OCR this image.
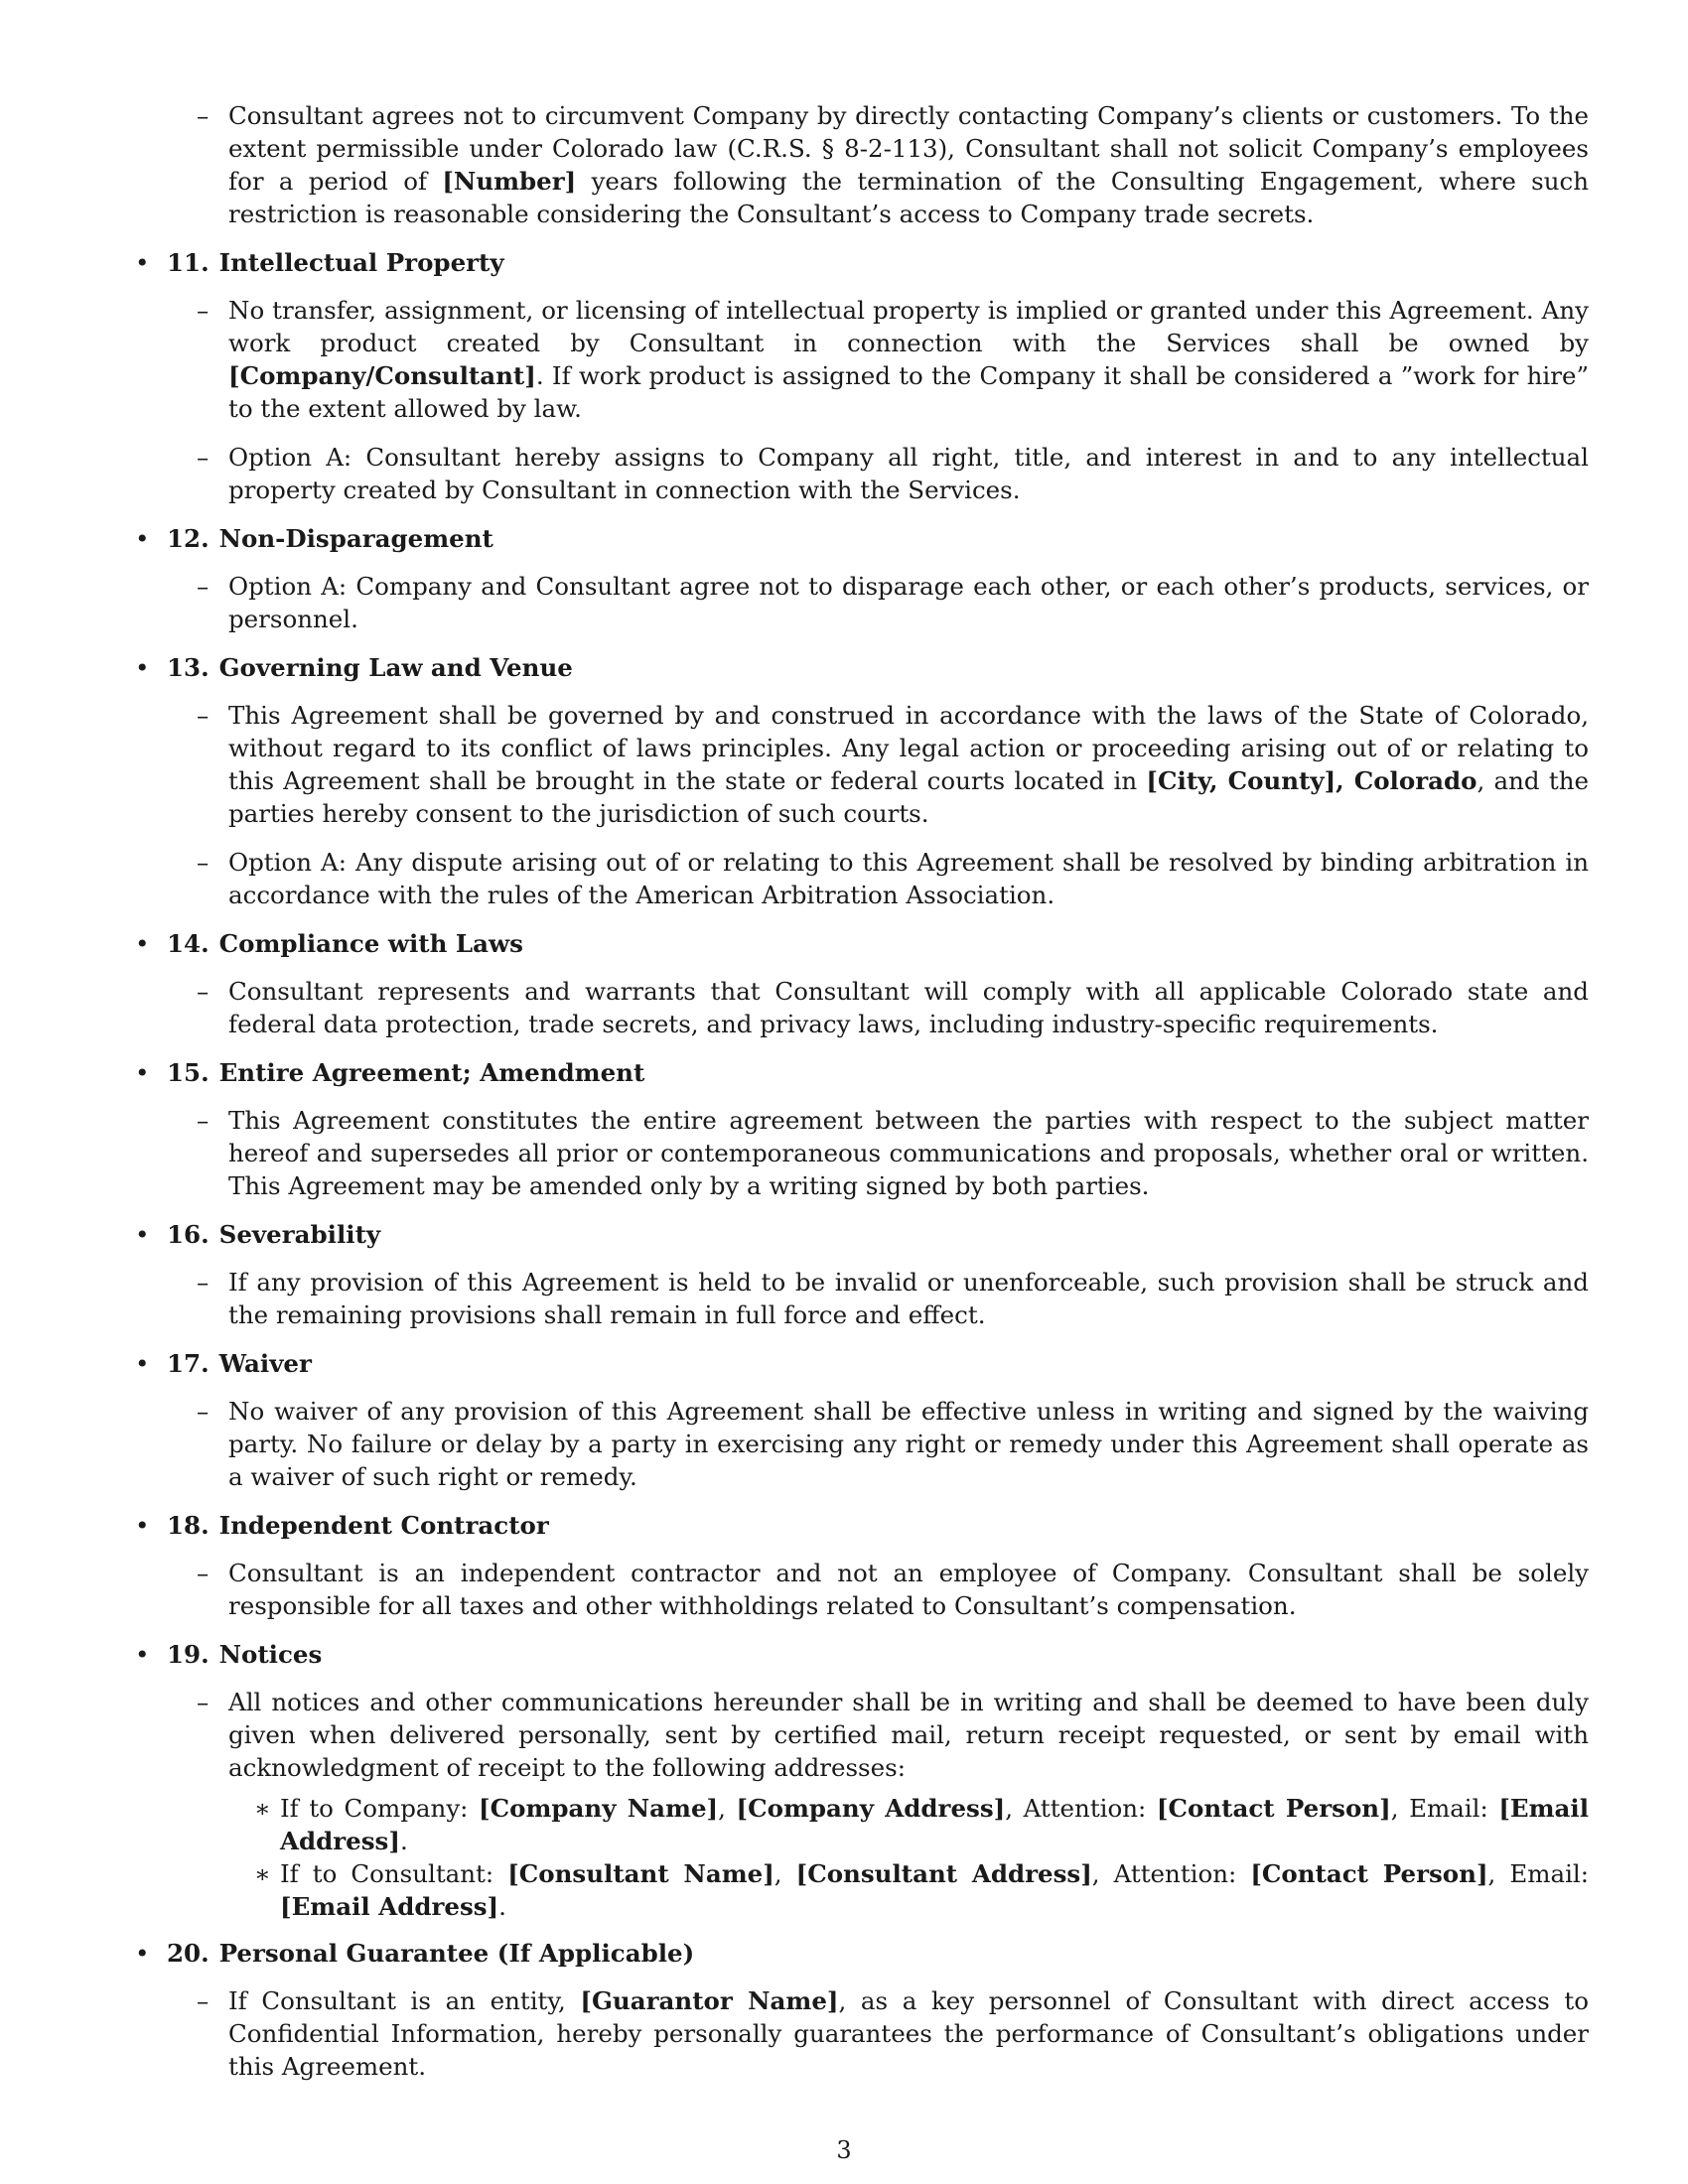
– Consultant agrees not to circumvent Company by directly contacting Company’s clients or customers. To the extent permissible under Colorado law (C.R.S. § 8-2-113), Consultant shall not solicit Company’s employees for a period of [Number] years following the termination of the Consulting Engagement, where such restriction is reasonable considering the Consultant’s access to Company trade secrets.

• 11. Intellectual Property

– No transfer, assignment, or licensing of intellectual property is implied or granted under this Agreement. Any work product created by Consultant in connection with the Services shall be owned by [Company/Consultant]. If work product is assigned to the Company it shall be considered a ”work for hire” to the extent allowed by law.

– Option A: Consultant hereby assigns to Company all right, title, and interest in and to any intellectual property created by Consultant in connection with the Services.

• 12. Non-Disparagement

– Option A: Company and Consultant agree not to disparage each other, or each other’s products, services, or personnel.

• 13. Governing Law and Venue

– This Agreement shall be governed by and construed in accordance with the laws of the State of Colorado, without regard to its conflict of laws principles. Any legal action or proceeding arising out of or relating to this Agreement shall be brought in the state or federal courts located in [City, County], Colorado, and the parties hereby consent to the jurisdiction of such courts.

– Option A: Any dispute arising out of or relating to this Agreement shall be resolved by binding arbitration in accordance with the rules of the American Arbitration Association.

• 14. Compliance with Laws

– Consultant represents and warrants that Consultant will comply with all applicable Colorado state and federal data protection, trade secrets, and privacy laws, including industry-specific requirements.

• 15. Entire Agreement; Amendment

– This Agreement constitutes the entire agreement between the parties with respect to the subject matter hereof and supersedes all prior or contemporaneous communications and proposals, whether oral or written. This Agreement may be amended only by a writing signed by both parties.

• 16. Severability

– If any provision of this Agreement is held to be invalid or unenforceable, such provision shall be struck and the remaining provisions shall remain in full force and effect.

• 17. Waiver

– No waiver of any provision of this Agreement shall be effective unless in writing and signed by the waiving party. No failure or delay by a party in exercising any right or remedy under this Agreement shall operate as a waiver of such right or remedy.

• 18. Independent Contractor

– Consultant is an independent contractor and not an employee of Company. Consultant shall be solely responsible for all taxes and other withholdings related to Consultant’s compensation.

• 19. Notices

– All notices and other communications hereunder shall be in writing and shall be deemed to have been duly given when delivered personally, sent by certified mail, return receipt requested, or sent by email with acknowledgment of receipt to the following addresses:

∗ If to Company: [Company Name], [Company Address], Attention: [Contact Person], Email: [Email Address].

∗ If to Consultant: [Consultant Name], [Consultant Address], Attention: [Contact Person], Email: [Email Address].

• 20. Personal Guarantee (If Applicable)

– If Consultant is an entity, [Guarantor Name], as a key personnel of Consultant with direct access to Confidential Information, hereby personally guarantees the performance of Consultant’s obligations under this Agreement.

3
